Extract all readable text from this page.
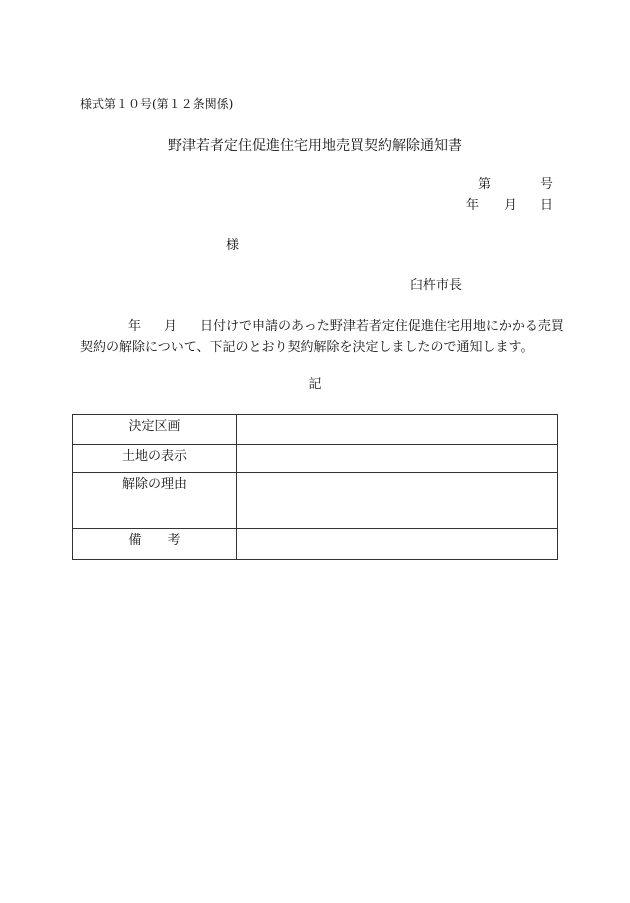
様式第１０号(第１２条関係)
野津若者定住促進住宅用地売買契約解除通知書
第	号
年 月 日
様
臼杵市長
年 月 日付けで申請のあった野津若者定住促進住宅用地にかかる売買
契約の解除について、下記のとおり契約解除を決定しましたので通知します。
記
決定区画	
土地の表示	
解除の理由	
備　　考	
